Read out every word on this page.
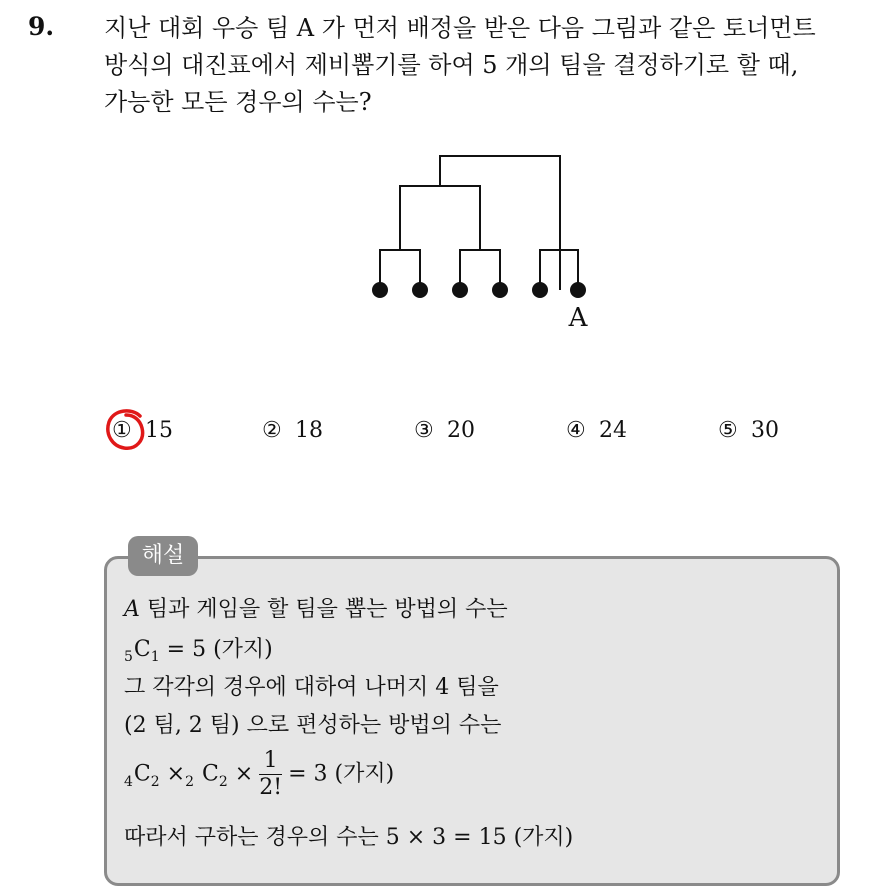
9. 지난 대회 우승 팀 A 가 먼저 배정을 받은 다음 그림과 같은 토너먼트
방식의 대진표에서 제비뽑기를 하여 5 개의 팀을 결정하기로 할 때,
가능한 모든 경우의 수는?
A
① 15	② 18	③ 20	④ 24	⑤ 30
해설
A 팀과 게임을 할 팀을 뽑는 방법의 수는
$_5C_1 = 5$ (가지)
그 각각의 경우에 대하여 나머지 4 팀을
(2 팀, 2 팀) 으로 편성하는 방법의 수는
$_4C_2 \times_2$ $C_2 \times \frac{1}{2!} = 3$ (가지)
따라서 구하는 경우의 수는 5 × 3 = 15 (가지)
